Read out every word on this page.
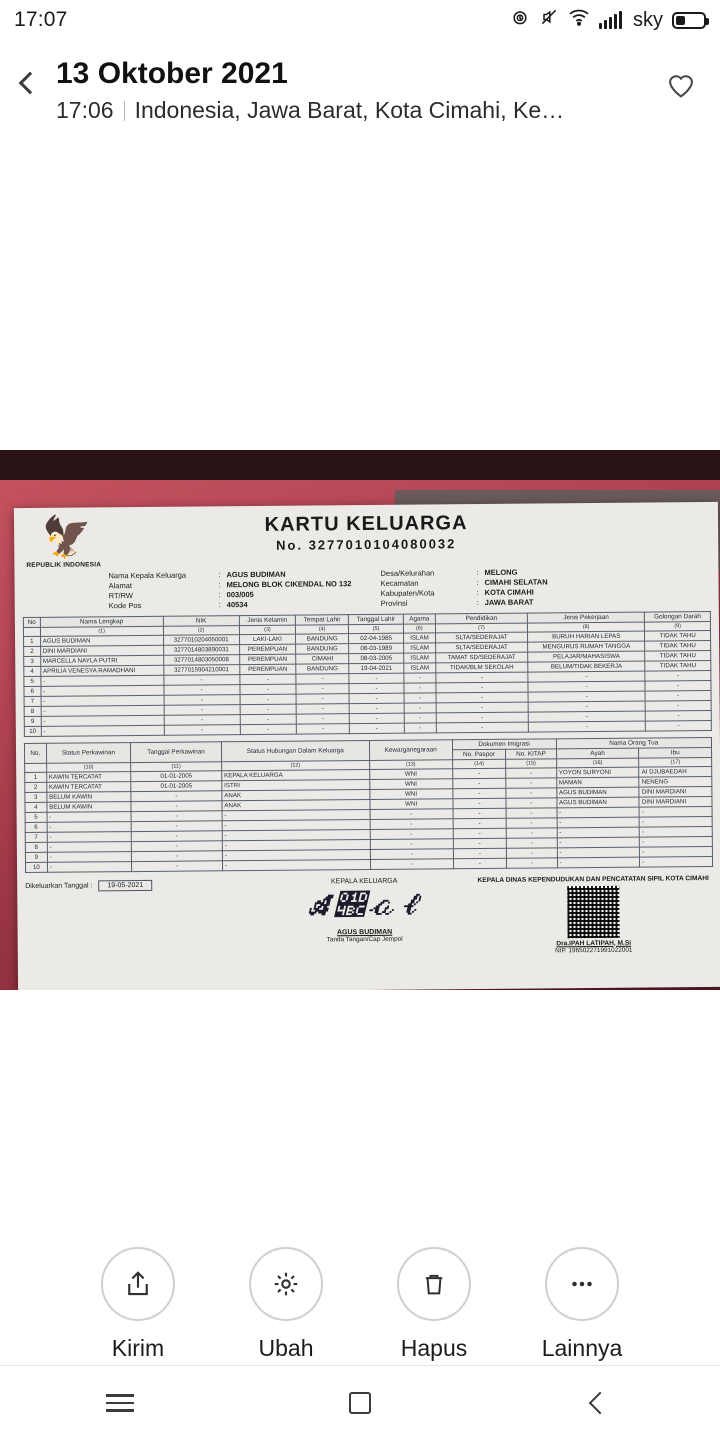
17:07	sky
13 Oktober 2021
17:06 Indonesia, Jawa Barat, Kota Cimahi, Ke…
🦅
REPUBLIK INDONESIA
KARTU KELUARGA
No. 3277010104080032
Nama Kepala Keluarga	: AGUS BUDIMAN
Alamat	: MELONG BLOK CIKENDAL NO 132
RT/RW	: 003/005
Kode Pos	: 40534
Desa/Kelurahan	: MELONG
Kecamatan	: CIMAHI SELATAN
Kabupaten/Kota	: KOTA CIMAHI
Provinsi	: JAWA BARAT
No	Nama Lengkap	NIK	Jenis Kelamin	Tempat Lahir	Tanggal Lahir	Agama	Pendidikan	Jenis Pekerjaan	Golongan Darah
	(1)	(2)	(3)	(4)	(5)	(6)	(7)	(8)	(9)
1	AGUS BUDIMAN	3277010204050001	LAKI-LAKI	BANDUNG	02-04-1985	ISLAM	SLTA/SEDERAJAT	BURUH HARIAN LEPAS	TIDAK TAHU
2	DINI MARDIANI	3277014803890031	PEREMPUAN	BANDUNG	08-03-1989	ISLAM	SLTA/SEDERAJAT	MENGURUS RUMAH TANGGA	TIDAK TAHU
3	MARCELLA NAYLA PUTRI	3277014803050008	PEREMPUAN	CIMAHI	08-03-2005	ISLAM	TAMAT SD/SEDERAJAT	PELAJAR/MAHASISWA	TIDAK TAHU
4	APRILIA VENESYA RAMADHANI	3277015904210001	PEREMPUAN	BANDUNG	19-04-2021	ISLAM	TIDAK/BLM SEKOLAH	BELUM/TIDAK BEKERJA	TIDAK TAHU
5	-	-	-	-	-	-	-	-	-
6	-	-	-	-	-	-	-	-	-
7	-	-	-	-	-	-	-	-	-
8	-	-	-	-	-	-	-	-	-
9	-	-	-	-	-	-	-	-	-
10	-	-	-	-	-	-	-	-	-
No.	Status Perkawinan	Tanggal Perkawinan	Status Hubungan Dalam Keluarga	Kewarganegaraan	Dokumen Imigrasi		Nama Orang Tua	
					No. Paspor	No. KITAP	Ayah	Ibu
	(10)	(11)	(12)	(13)	(14)	(15)	(16)	(17)
1	KAWIN TERCATAT	01-01-2005	KEPALA KELUARGA	WNI	-	-	YOYON SURYONI	AI DJUBAEDAH
2	KAWIN TERCATAT	01-01-2005	ISTRI	WNI	-	-	MAMAN	NENENG
3	BELUM KAWIN	-	ANAK	WNI	-	-	AGUS BUDIMAN	DINI MARDIANI
4	BELUM KAWIN	-	ANAK	WNI	-	-	AGUS BUDIMAN	DINI MARDIANI
5	-	-	-	-	-	-	-	-
6	-	-	-	-	-	-	-	-
7	-	-	-	-	-	-	-	-
8	-	-	-	-	-	-	-	-
9	-	-	-	-	-	-	-	-
10	-	-	-	-	-	-	-	-
Dikeluarkan Tanggal :	19-05-2021
KEPALA KELUARGA
𝓐𝒼𝒶𝓁
AGUS BUDIMAN
Tanda Tangan/Cap Jempol
KEPALA DINAS KEPENDUDUKAN DAN PENCATATAN SIPIL KOTA CIMAHI
Dra.IPAH LATIPAH, M.Si
NIP. 196502271991022001
Kirim	Ubah	Hapus	Lainnya
